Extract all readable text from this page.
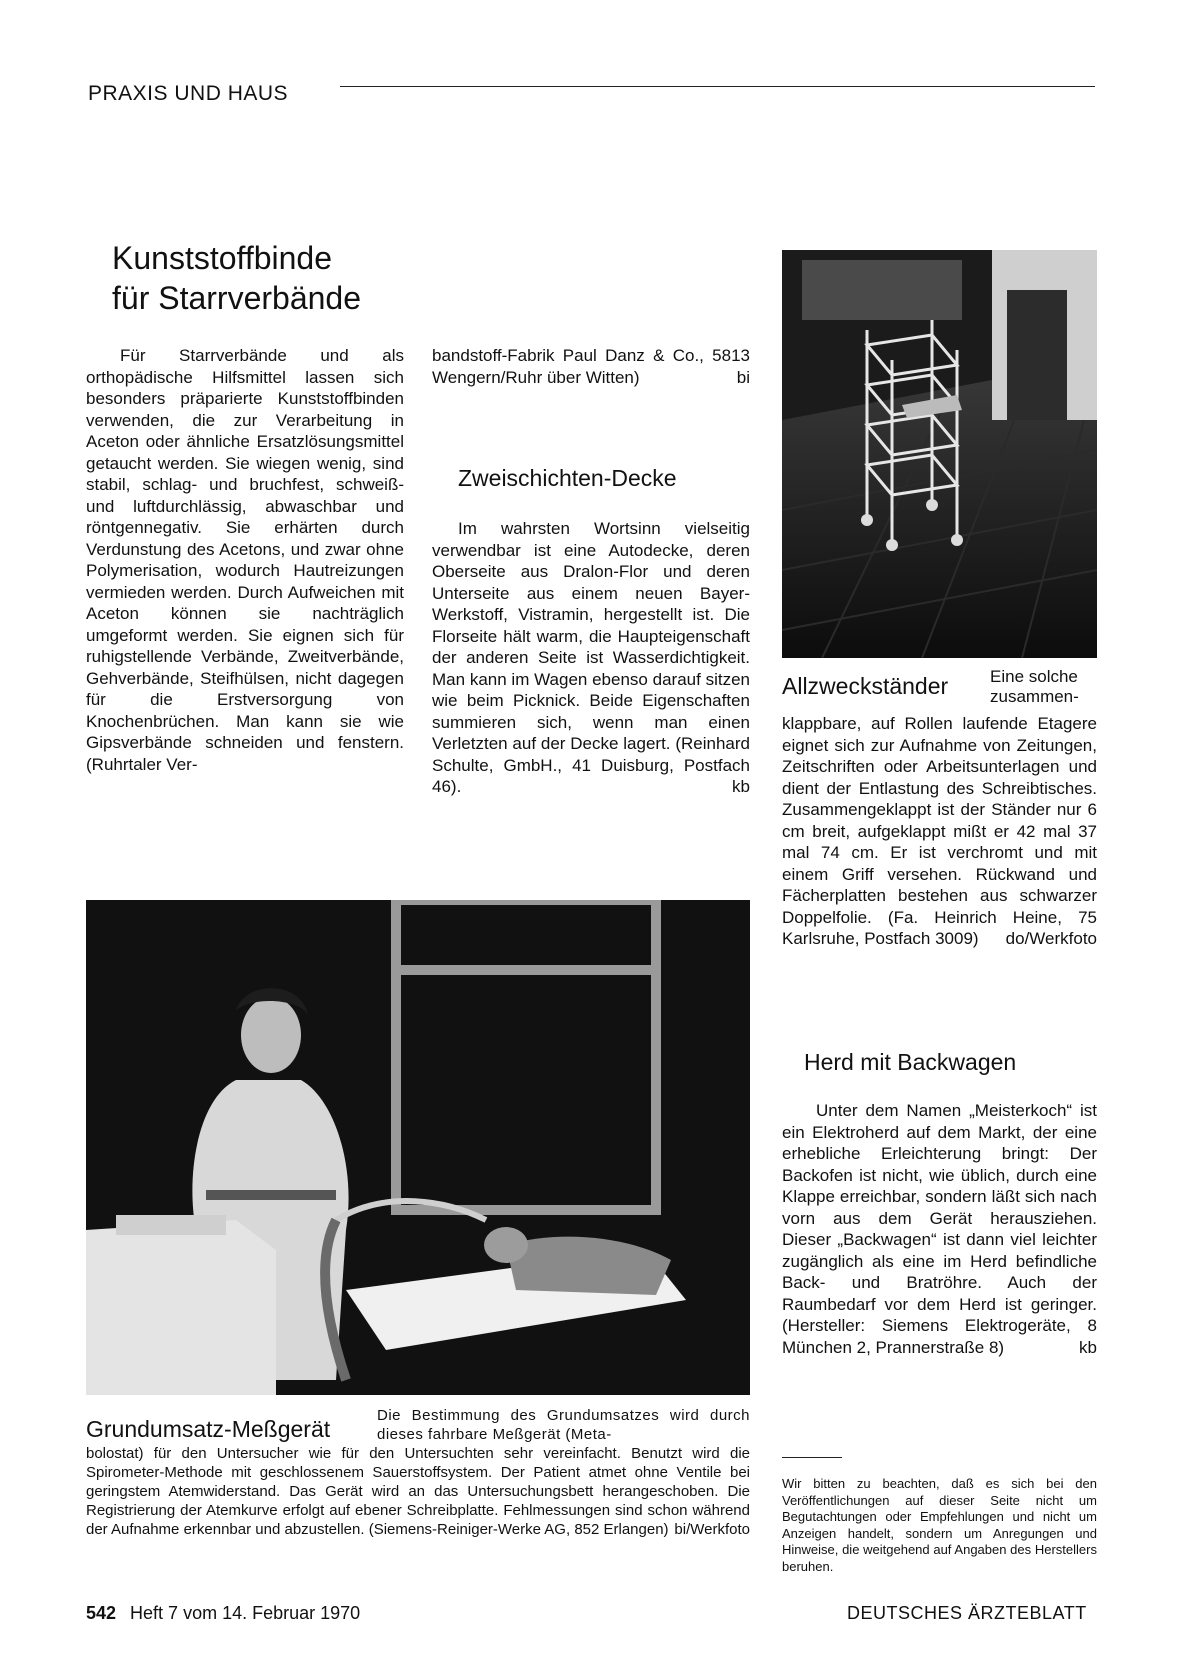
PRAXIS UND HAUS
Kunststoffbinde
für Starrverbände
Für Starrverbände und als orthopädische Hilfsmittel lassen sich besonders präparierte Kunststoffbinden verwenden, die zur Verarbeitung in Aceton oder ähnliche Ersatzlösungsmittel getaucht werden. Sie wiegen wenig, sind stabil, schlag- und bruchfest, schweiß- und luftdurchlässig, abwaschbar und röntgennegativ. Sie erhärten durch Verdunstung des Acetons, und zwar ohne Polymerisation, wodurch Hautreizungen vermieden werden. Durch Aufweichen mit Aceton können sie nachträglich umgeformt werden. Sie eignen sich für ruhigstellende Verbände, Zweitverbände, Gehverbände, Steifhülsen, nicht dagegen für die Erstversorgung von Knochenbrüchen. Man kann sie wie Gipsverbände schneiden und fenstern. (Ruhrtaler Ver-
bandstoff-Fabrik Paul Danz & Co., 5813 Wengern/Ruhr über Witten)	bi
Zweischichten-Decke
Im wahrsten Wortsinn vielseitig verwendbar ist eine Autodecke, deren Oberseite aus Dralon-Flor und deren Unterseite aus einem neuen Bayer-Werkstoff, Vistramin, hergestellt ist. Die Florseite hält warm, die Haupteigenschaft der anderen Seite ist Wasserdichtigkeit. Man kann im Wagen ebenso darauf sitzen wie beim Picknick. Beide Eigenschaften summieren sich, wenn man einen Verletzten auf der Decke lagert. (Reinhard Schulte, GmbH., 41 Duisburg, Postfach 46).	kb
Allzweckständer Eine solche zusammen-
klappbare, auf Rollen laufende Etagere eignet sich zur Aufnahme von Zeitungen, Zeitschriften oder Arbeitsunterlagen und dient der Entlastung des Schreibtisches. Zusammengeklappt ist der Ständer nur 6 cm breit, aufgeklappt mißt er 42 mal 37 mal 74 cm. Er ist verchromt und mit einem Griff versehen. Rückwand und Fächerplatten bestehen aus schwarzer Doppelfolie. (Fa. Heinrich Heine, 75 Karlsruhe, Postfach 3009) do/Werkfoto
Herd mit Backwagen
Unter dem Namen „Meisterkoch“ ist ein Elektroherd auf dem Markt, der eine erhebliche Erleichterung bringt: Der Backofen ist nicht, wie üblich, durch eine Klappe erreichbar, sondern läßt sich nach vorn aus dem Gerät herausziehen. Dieser „Backwagen“ ist dann viel leichter zugänglich als eine im Herd befindliche Back- und Bratröhre. Auch der Raumbedarf vor dem Herd ist geringer. (Hersteller: Siemens Elektrogeräte, 8 München 2, Prannerstraße 8)	kb
Grundumsatz-Meßgerät
Die Bestimmung des Grundumsatzes wird durch dieses fahrbare Meßgerät (Meta-
bolostat) für den Untersucher wie für den Untersuchten sehr vereinfacht. Benutzt wird die Spirometer-Methode mit geschlossenem Sauerstoffsystem. Der Patient atmet ohne Ventile bei geringstem Atemwiderstand. Das Gerät wird an das Untersuchungsbett herangeschoben. Die Registrierung der Atemkurve erfolgt auf ebener Schreibplatte. Fehlmessungen sind schon während der Aufnahme erkennbar und abzustellen. (Siemens-Reiniger-Werke AG, 852 Erlangen) bi/Werkfoto
Wir bitten zu beachten, daß es sich bei den Veröffentlichungen auf dieser Seite nicht um Begutachtungen oder Empfehlungen und nicht um Anzeigen handelt, sondern um Anregungen und Hinweise, die weitgehend auf Angaben des Herstellers beruhen.
542 Heft 7 vom 14. Februar 1970	DEUTSCHES ÄRZTEBLATT
